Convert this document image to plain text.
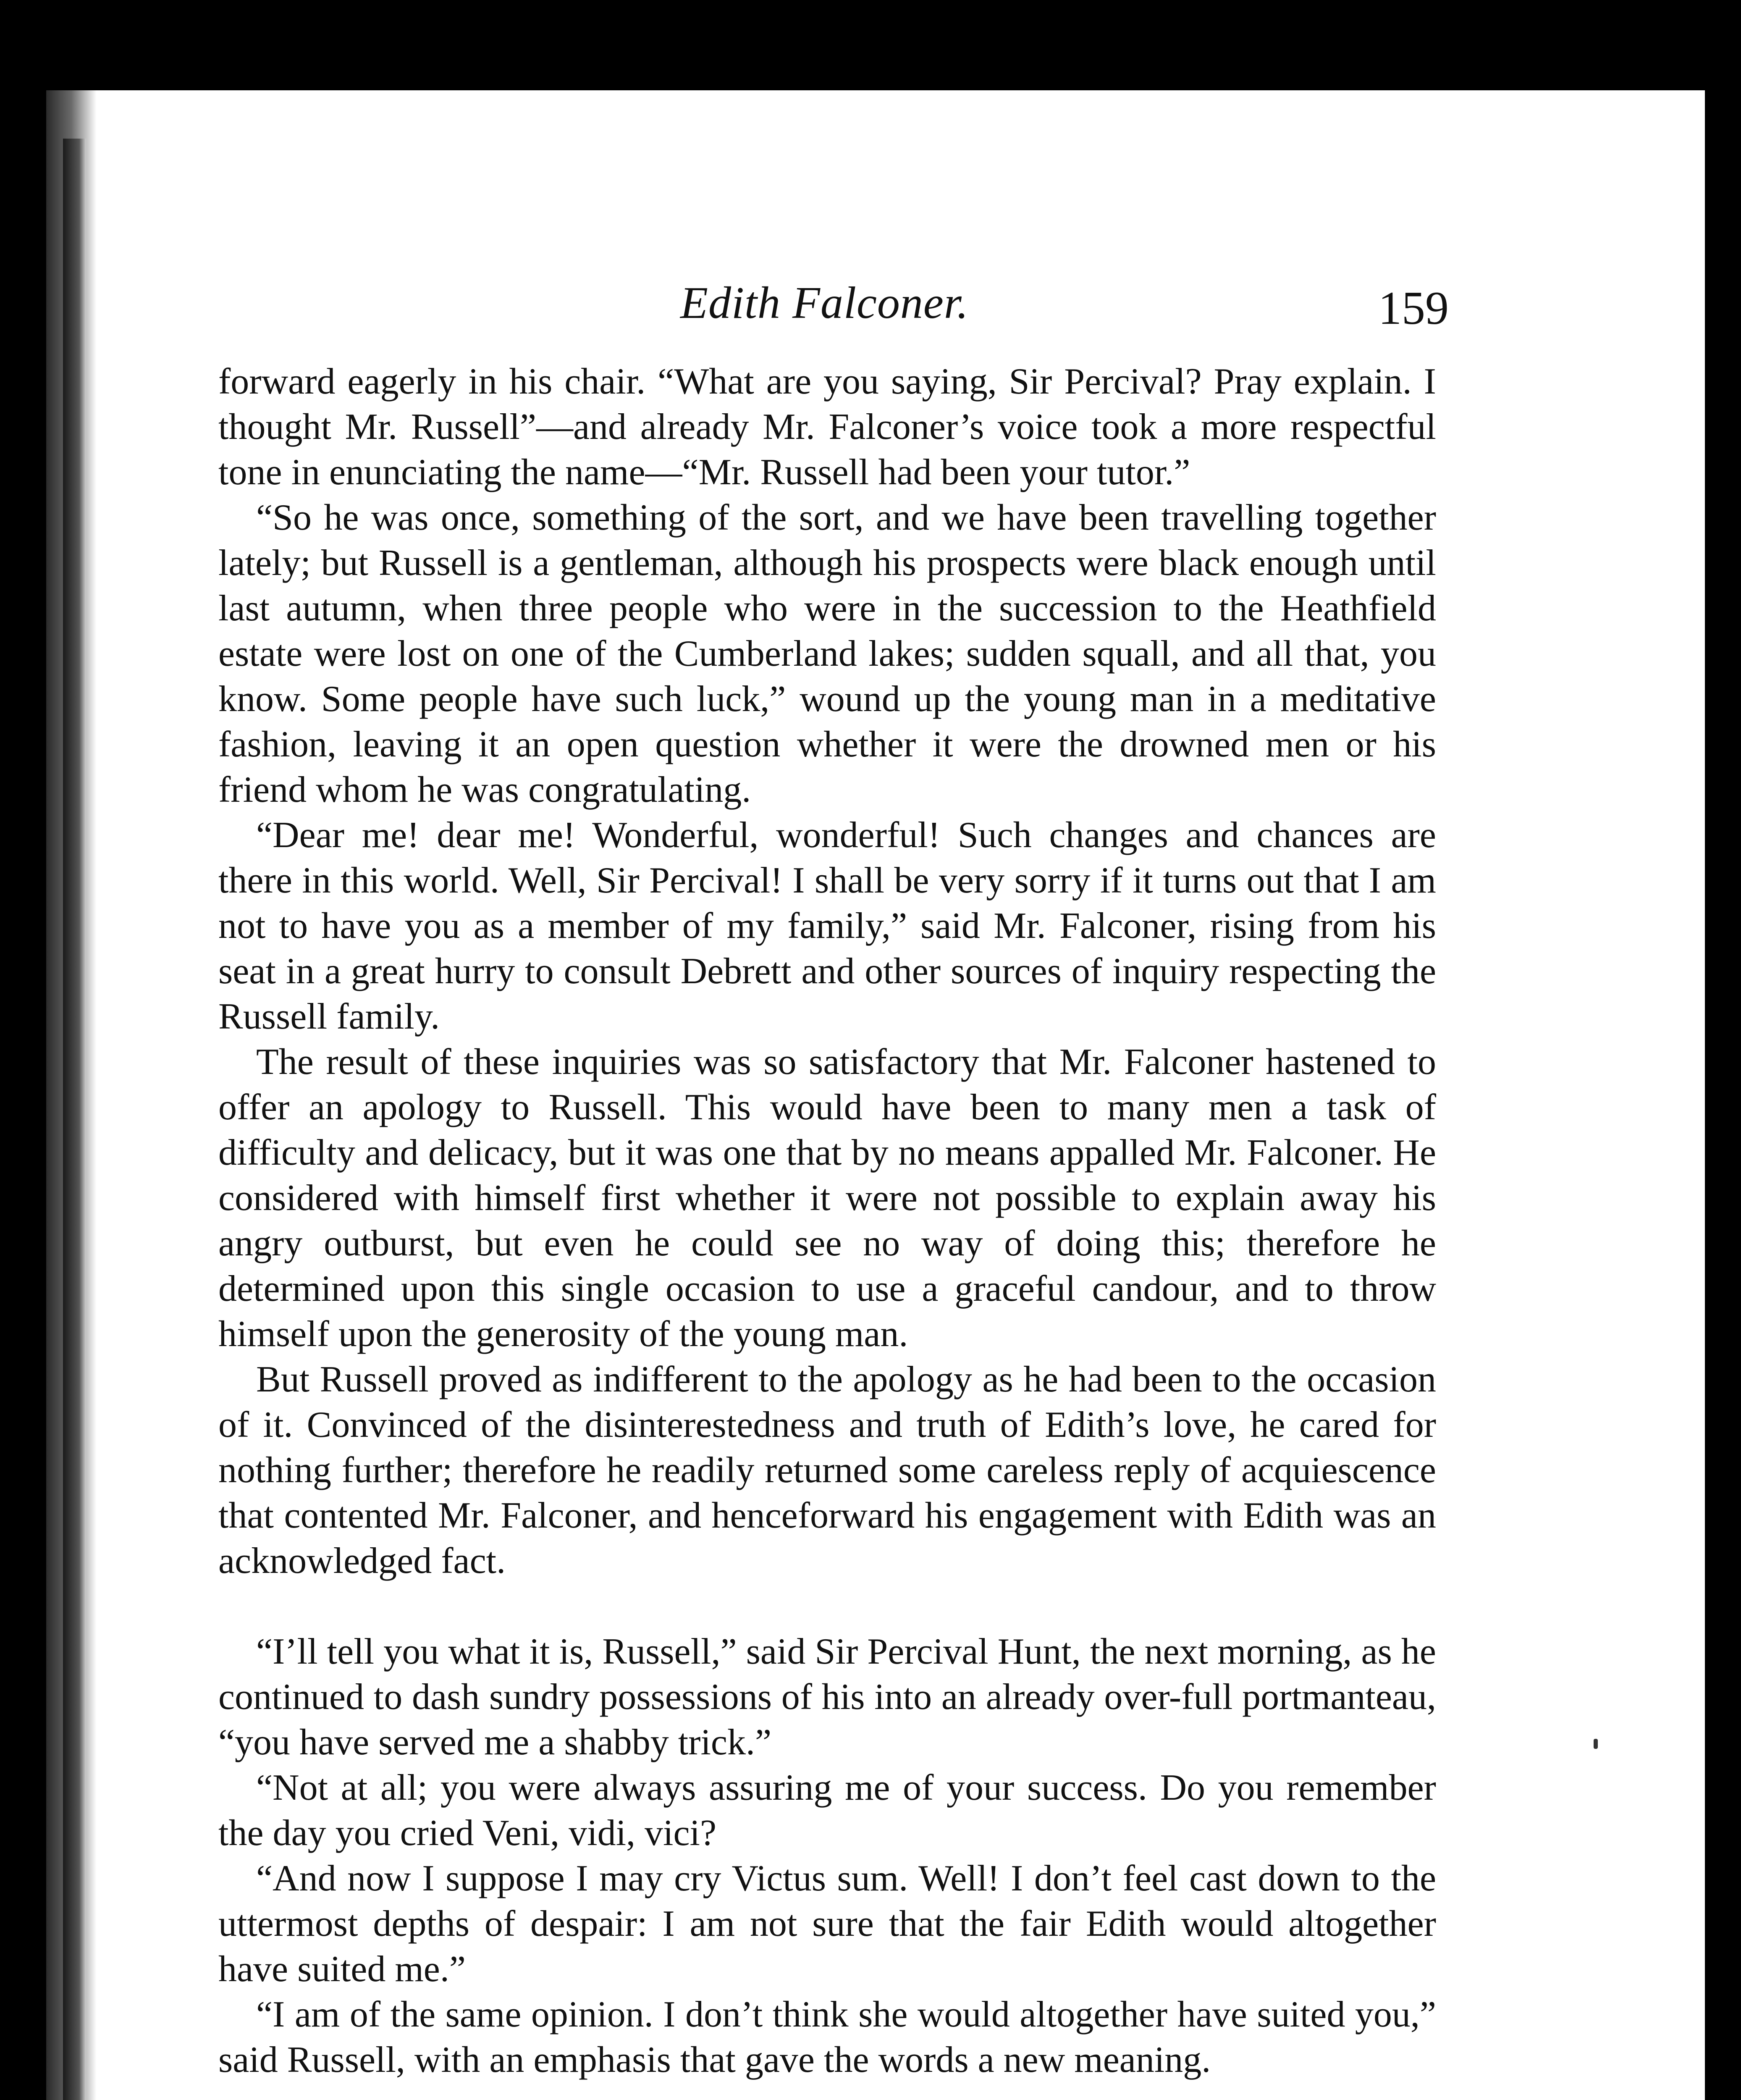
Edith Falconer.	159

forward eagerly in his chair. “What are you saying, Sir Percival? Pray explain. I thought Mr. Russell”—and already Mr. Falconer’s voice took a more respectful tone in enunciating the name—“Mr. Russell had been your tutor.”

“So he was once, something of the sort, and we have been travelling together lately; but Russell is a gentleman, although his prospects were black enough until last autumn, when three people who were in the succession to the Heathfield estate were lost on one of the Cumberland lakes; sudden squall, and all that, you know. Some people have such luck,” wound up the young man in a meditative fashion, leaving it an open question whether it were the drowned men or his friend whom he was congratulating.

“Dear me! dear me! Wonderful, wonderful! Such changes and chances are there in this world. Well, Sir Percival! I shall be very sorry if it turns out that I am not to have you as a member of my family,” said Mr. Falconer, rising from his seat in a great hurry to consult Debrett and other sources of inquiry respecting the Russell family.

The result of these inquiries was so satisfactory that Mr. Falconer hastened to offer an apology to Russell. This would have been to many men a task of difficulty and delicacy, but it was one that by no means appalled Mr. Falconer. He considered with himself first whether it were not possible to explain away his angry outburst, but even he could see no way of doing this; therefore he determined upon this single occasion to use a graceful candour, and to throw himself upon the generosity of the young man.

But Russell proved as indifferent to the apology as he had been to the occasion of it. Convinced of the disinterestedness and truth of Edith’s love, he cared for nothing further; therefore he readily returned some careless reply of acquiescence that contented Mr. Falconer, and henceforward his engagement with Edith was an acknowledged fact.

“I’ll tell you what it is, Russell,” said Sir Percival Hunt, the next morning, as he continued to dash sundry possessions of his into an already over-full portmanteau, “you have served me a shabby trick.”

“Not at all; you were always assuring me of your success. Do you remember the day you cried Veni, vidi, vici?

“And now I suppose I may cry Victus sum. Well! I don’t feel cast down to the uttermost depths of despair: I am not sure that the fair Edith would altogether have suited me.”

“I am of the same opinion. I don’t think she would altogether have suited you,” said Russell, with an emphasis that gave the words a new meaning.
